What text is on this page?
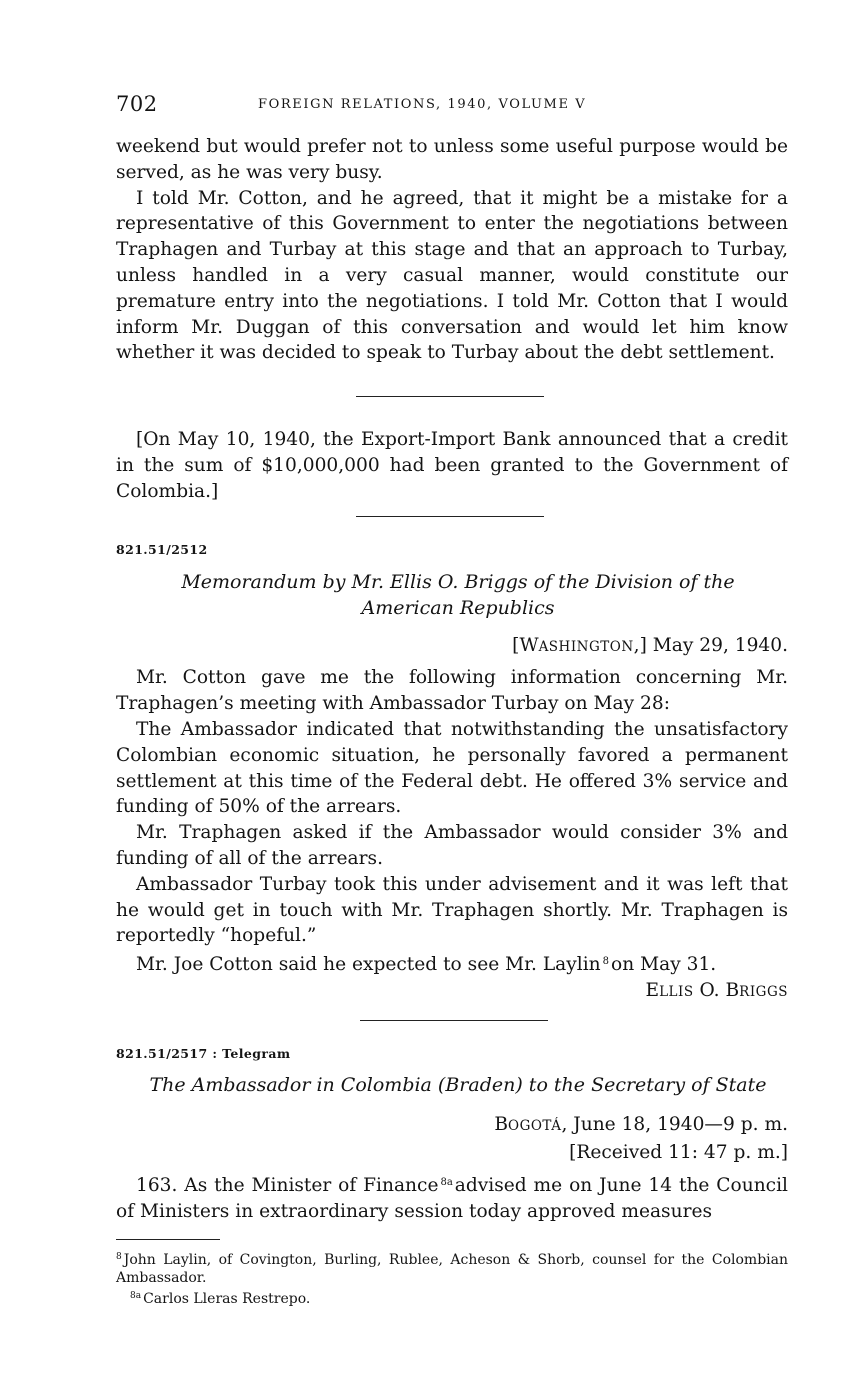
702	FOREIGN RELATIONS, 1940, VOLUME V

weekend but would prefer not to unless some useful purpose would be served, as he was very busy.

I told Mr. Cotton, and he agreed, that it might be a mistake for a representative of this Government to enter the negotiations between Traphagen and Turbay at this stage and that an approach to Turbay, unless handled in a very casual manner, would constitute our premature entry into the negotiations. I told Mr. Cotton that I would inform Mr. Duggan of this conversation and would let him know whether it was decided to speak to Turbay about the debt settlement.

[On May 10, 1940, the Export-Import Bank announced that a credit in the sum of $10,000,000 had been granted to the Government of Colombia.]

821.51/2512
Memorandum by Mr. Ellis O. Briggs of the Division of the
American Republics

[WASHINGTON,] May 29, 1940.

Mr. Cotton gave me the following information concerning Mr. Traphagen’s meeting with Ambassador Turbay on May 28:

The Ambassador indicated that notwithstanding the unsatisfactory Colombian economic situation, he personally favored a permanent settlement at this time of the Federal debt. He offered 3% service and funding of 50% of the arrears.

Mr. Traphagen asked if the Ambassador would consider 3% and funding of all of the arrears.

Ambassador Turbay took this under advisement and it was left that he would get in touch with Mr. Traphagen shortly. Mr. Traphagen is reportedly “hopeful.”

Mr. Joe Cotton said he expected to see Mr. Laylin $^8$ on May 31.

ELLIS O. BRIGGS

821.51/2517 : Telegram
The Ambassador in Colombia (Braden) to the Secretary of State

BOGOTÁ, June 18, 1940—9 p. m.

[Received 11: 47 p. m.]

163. As the Minister of Finance $^{8a}$ advised me on June 14 the Council of Ministers in extraordinary session today approved measures

$^8$ John Laylin, of Covington, Burling, Rublee, Acheson & Shorb, counsel for the Colombian Ambassador.

$^{8a}$ Carlos Lleras Restrepo.
